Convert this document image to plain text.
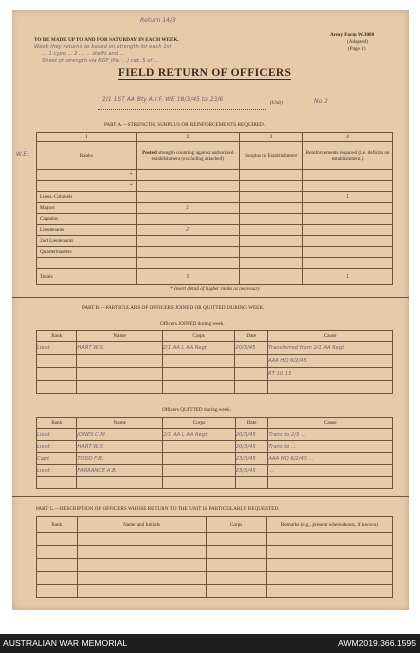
Return 14/3
TO BE MADE UP TO AND FOR SATURDAY IN EACH WEEK.
Army Form W.3008
(Adapted)
(Page 1)
Week they returns as based on strength for each 1st
... 1 cypo ... 2 ... ... staffs and ...
Sheet of strength via RGF (Pa. ...) cat. 5 of ...
FIELD RETURN OF OFFICERS
2/1 1ST AA Bty A.I.F. WE 18/3/45 to 23/6	No 2
(Unit)
PART A.—STRENGTH, SURPLUS OR REINFORCEMENTS REQUIRED.
W.E.
1	2	3	4
Ranks	Posted strength counting against authorized establishment (excluding attached)	Surplus to Establishment	Reinforcements required (i.e. deficits on establishment.)
*			
*			
Lieut.-Colonels			1
Majors	1		
Captains			
Lieutenants	2		
2nd Lieutenants			
Quartermasters			

Totals	3		1
* Insert detail of higher ranks as necessary
PART B.—PARTICULARS OF OFFICERS JOINED OR QUITTED DURING WEEK.
Officers JOINED during week.
Rank	Name	Corps	Date	Cause
Lieut	HART W.S	2/1 AA L AA Regt	20/3/45	Transferred from 2/1 AA Regt
				AAA HQ 6/2/45
				RT 10 15

Officers QUITTED during week.
Rank	Name	Corps	Date	Cause
Lieut	JONES C.M.	2/1 AA L AA Regt	20/3/45	Trans to 2/3 ...
Lieut	HART W.S		20/3/45	Trans to ...
Capt	TODD F.B.		23/3/45	AAA HQ 6/2/45 ...
Lieut	FARRANCE A.B.		23/3/45	...

PART C.—DESCRIPTION OF OFFICERS WHOSE RETURN TO THE UNIT IS PARTICULARLY REQUESTED.
Rank	Name and Initials	Corps	Remarks (e.g., present whereabouts, if known)

AUSTRALIAN WAR MEMORIAL	AWM2019.366.1595
